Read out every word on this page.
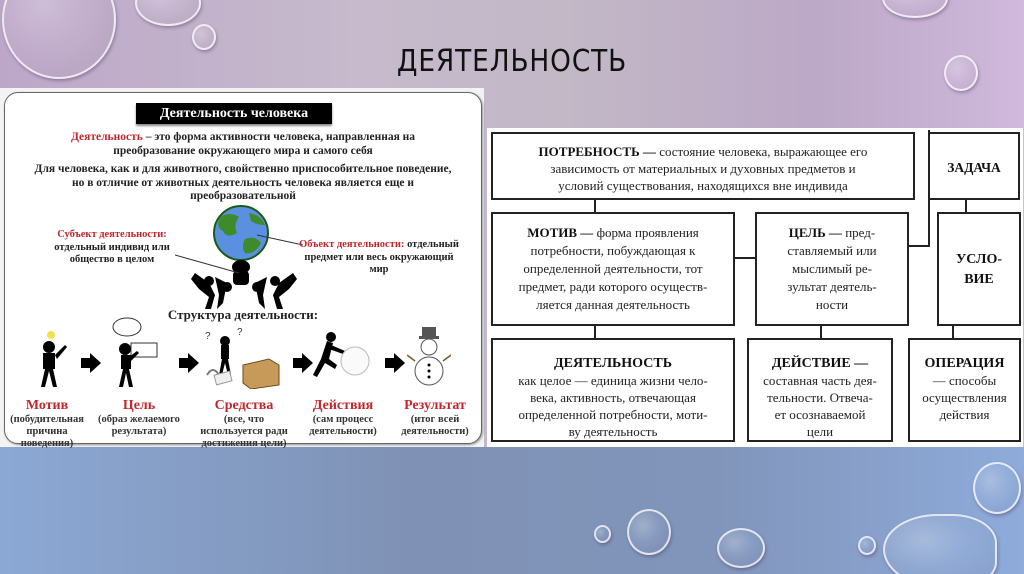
ДЕЯТЕЛЬНОСТЬ
Деятельность человека
Деятельность – это форма активности человека, направленная на
преобразование окружающего мира и самого себя
Для человека, как и для животного, свойственно приспособительное поведение,
но в отличие от животных деятельность человека является еще и
преобразовательной
Субъект деятельности:
отдельный индивид или
общество в целом
Объект деятельности: отдельный
предмет или весь окружающий
мир
Структура деятельности:
?	?
Мотив
(побудительная
причина
поведения)
Цель
(образ желаемого
результата)
Средства
(все, что
используется ради
достижения цели)
Действия
(сам процесс
деятельности)
Результат
(итог всей
деятельности)
ПОТРЕБНОСТЬ — состояние человека, выражающее его
зависимость от материальных и духовных предметов и
условий существования, находящихся вне индивида
ЗАДАЧА
МОТИВ — форма проявления
потребности, побуждающая к
определенной деятельности, тот
предмет, ради которого осуществ-
ляется данная деятельность
ЦЕЛЬ — пред-
ставляемый или
мыслимый ре-
зультат деятель-
ности
УСЛО-
ВИЕ
ДЕЯТЕЛЬНОСТЬ
как целое — единица жизни чело-
века, активность, отвечающая
определенной потребности, моти-
ву деятельность
ДЕЙСТВИЕ —
составная часть дея-
тельности. Отвеча-
ет осознаваемой
цели
ОПЕРАЦИЯ
— способы
осуществления
действия
